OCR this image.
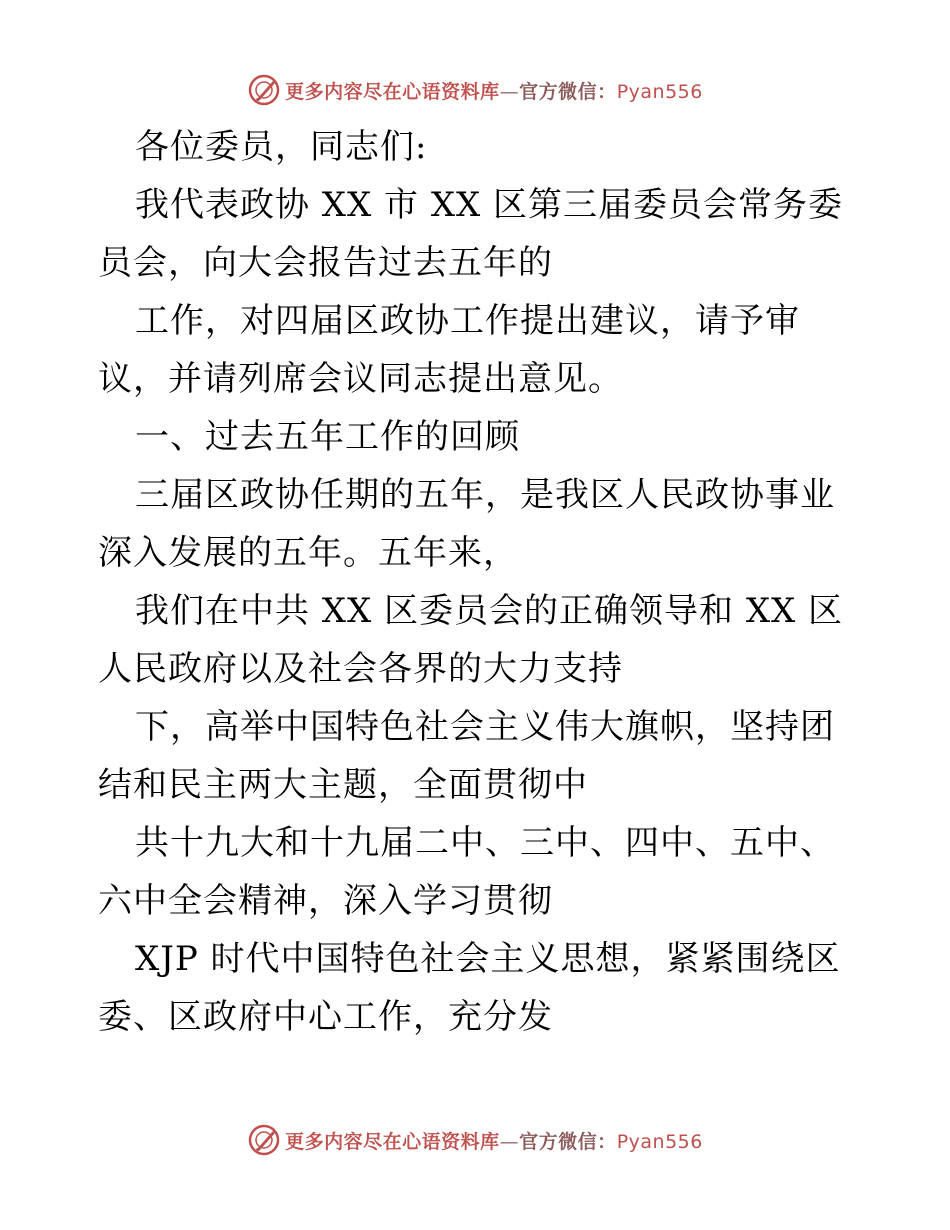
更多内容尽在心语资料库—官方微信：Pyan556

各位委员，同志们:

我代表政协 XX 市 XX 区第三届委员会常务委员会，向大会报告过去五年的

工作，对四届区政协工作提出建议，请予审议，并请列席会议同志提出意见。

一、过去五年工作的回顾

三届区政协任期的五年，是我区人民政协事业深入发展的五年。五年来，

我们在中共 XX 区委员会的正确领导和 XX 区人民政府以及社会各界的大力支持

下，高举中国特色社会主义伟大旗帜，坚持团结和民主两大主题，全面贯彻中

共十九大和十九届二中、三中、四中、五中、六中全会精神，深入学习贯彻

XJP 时代中国特色社会主义思想，紧紧围绕区委、区政府中心工作，充分发

更多内容尽在心语资料库—官方微信：Pyan556
